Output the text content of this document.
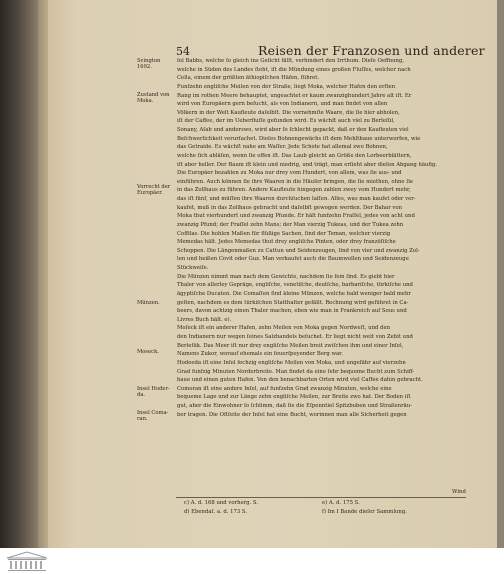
54	Reisen der Franzosen und anderer
Svington 1692.
Zustand von Moka.
Vorrecht der Europäer.
Münzen.
Moseck.
Insel Hoder-da.
Insel Coma-ran.

ſel Babbs, welche ſo gleich ins Geſicht fällt, verhindert den Irrthum. Dieſe Oeffnung,

welche in Süden des Landes ſteht, iſt die Mündung eines großen Fluſſes, welcher nach

Cella, einem der größten äthiopiſchen Häfen, führet.

Funfzehn engliſche Meilen von der Straße, liegt Moka, welcher Hafen den erſten

Rang im rothen Meere behauptet, ungeachtet er kaum zwanzighundert Jahre alt iſt. Er

wird von Europäern gern beſucht, als von Indianern, und man findet von allen

Völkern in der Welt Kaufleute daſelbſt. Die vornehmſte Waare, die ſie hier abholen,

iſt der Caffee, der im Ueberfluſſe gefunden wird. Es wächſt auch viel zu Berleſül,

Sonany, Aſab und anderswo, wird aber ſo ſchlecht gepackt, daß er den Kaufleuten viel

Beſchwerlichkeit verurſachet. Dieſes Bohnengewächs iſt dem Mehlthaue unterworfen, wie

das Getraide. Es wächſt nahe am Waſſer. Jede Schote hat allemal zwo Bohnen,

welche ſich abläſen, wenn ſie offen iſt. Das Laub gleicht an Größe den Lorbeerblättern,

iſt aber heller. Der Baum iſt klein und niedrig, und trägt, man erſieht aber dieſen Abgang häufig.

Die Europäer bezahlen zu Moka nur drey vom Hundert, von allem, was ſie aus- und

einführen. Auch können ſie ihre Waaren in die Häuſer bringen, die ſie miethen, ohne ſie

in das Zollhaus zu führen. Andere Kaufleute hingegen zahlen zwey vom Hundert mehr,

das iſt fünf, und müſſen ihre Waaren durchſuchen laſſen. Alles, was man kaufet oder ver-

kaufet, muß in das Zollhaus gebracht und daſelbſt gewogen werden. Der Bahar von

Moka thut vierhundert und zwanzig Pfunde. Er hält funfzehn Fraſſel, jedes von acht und

zwanzig Pfund; der Fraſſel zehn Mans; der Man vierzig Tukeas, und der Tukea zehn

Coffilas. Die hohlen Maßen für flüßige Sachen, ſind der Teman, welcher vierzig

Memedas hält. Jedes Memedas thut drey engliſche Pinten, oder drey franzöſiſche

Schoppen. Die Längenmaßen zu Cattun und Seidenzeugen, ſind von vier und zwanzig Zol-

len und heißen Covit oder Guz. Man verkaufet auch die Baumwollen und Seidenzeuge

Stückweiſe.

Die Münzen nimmt man nach dem Gewichte, nachdem ſie fein ſind. Es giebt hier

Thaler von allerley Gepräge, engliſche, venetiſche, deutſche, barbariſche, türkiſche und

ägyptiſche Ducaten. Die Comaſſen ſind kleine Münzen, welche bald weniger bald mehr

gelten, nachdem es dem türkiſchen Statthalter gefällt. Rechnung wird geführet in Ca-

beers, davon achtzig einen Thaler machen, eben wie man in Frankreich auf Sous und

Livres Buch hält. e).

Moſeck iſt ein anderer Hafen, zehn Meilen von Moka gegen Nordweſt, und den

den Indianern nur wegen ſeines Salzhandels beſuchet. Er liegt nicht weit von Zebit und

Berleſük. Das Meer iſt nur drey engliſche Meilen breit zwiſchen ihm und einer Inſel,

Namens Zukor, worauf ehemals ein feuerſpeyender Berg war.

Hodeeda iſt eine Inſel ſechzig engliſche Meilen von Moka, und ungefähr auf vierzehn

Grad funfzig Minuten Norderbreite. Man findet da eine ſehr bequeme Bucht zum Schiff-

baue und einen guten Hafen. Von den benachbarten Orten wird viel Caffee dahin gebracht.

Comoran iſt eine andere Inſel, auf funfzehn Grad zwanzig Minuten, welche eine

bequeme Lage und zur Länge zehn engliſche Meilen, zur Breite zwo hat. Der Boden iſt

gut, aber die Einwohner ſo ſchlimm, daß ſie die Eſpenntiel Spitzbuben und Straßenräu-

ber tragen. Die Oſtſeite der Inſel hat eine Bucht, worinnen man alle Sicherheit gegen

Wind
c) A. d. 168 und vorherg. S.
d) Ebendaſ. a. d. 173 S.
e) A. d. 175 S.
f) Im I Bande dieſer Sammlung.
